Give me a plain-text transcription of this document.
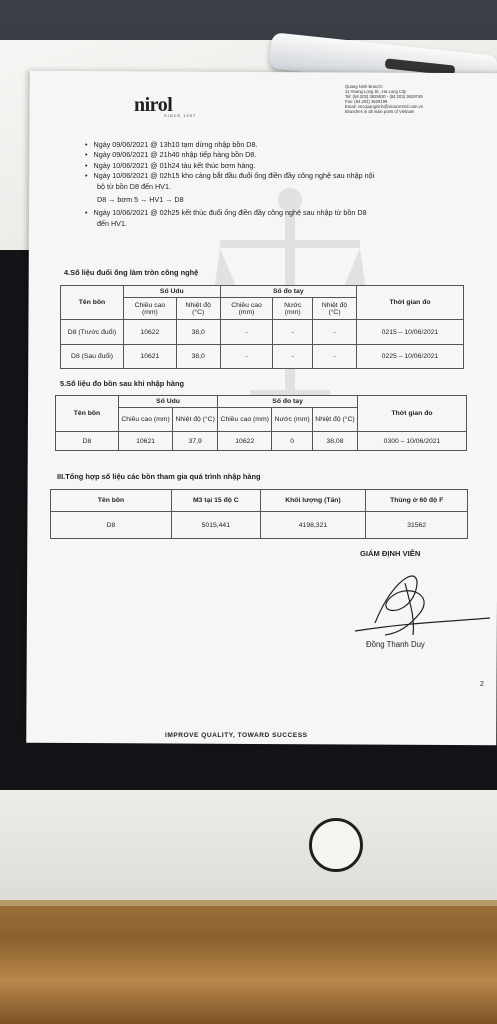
nirol
SINCE 1997
Quang Ninh Branch:
11 Hoang Long St., Ha Long City
Tel: (84.203) 3629530 - (84.203) 3629749
Fax: (84.203) 3629199
Email: vncquangninh@vinacontrol.com.vn
Branches in all main ports of Vietnam
• Ngày 09/06/2021 @ 13h10 tạm dừng nhập bồn D8.
• Ngày 09/06/2021 @ 21h40 nhập tiếp hàng bồn D8.
• Ngày 10/06/2021 @ 01h24 tàu kết thúc bơm hàng.
• Ngày 10/06/2021 @ 02h15 kho cảng bắt đầu đuổi ống điền đầy công nghệ sau nhập nội
bộ từ bồn D8 đến HV1.
D8 → bơm 5 → HV1 → D8
• Ngày 10/06/2021 @ 02h25 kết thúc đuổi ống điền đầy công nghệ sau nhập từ bồn D8
đến HV1.
4.Số liệu đuổi ống làm tròn công nghệ
Tên bồn	Số Udu		Số đo tay			Thời gian đo
	Chiều cao (mm)	Nhiệt độ (°C)	Chiều cao (mm)	Nước (mm)	Nhiệt độ (°C)	
D8 (Trước đuổi)	10622	38,0	-	-	-	0215 – 10/06/2021
D8 (Sau đuổi)	10621	38,0	-	-	-	0225 – 10/06/2021
5.Số liệu đo bồn sau khi nhập hàng
Tên bồn	Số Udu		Số đo tay			Thời gian đo
	Chiều cao (mm)	Nhiệt độ (°C)	Chiều cao (mm)	Nước (mm)	Nhiệt độ (°C)	
D8	10621	37,9	10622	0	38,08	0300 – 10/06/2021
III.Tổng hợp số liệu các bồn tham gia quá trình nhập hàng
Tên bồn	M3 tại 15 độ C	Khối lượng (Tấn)	Thùng ở 60 độ F
D8	5015,441	4198,321	31562
GIÁM ĐỊNH VIÊN
Đồng Thanh Duy
2
IMPROVE QUALITY, TOWARD SUCCESS
